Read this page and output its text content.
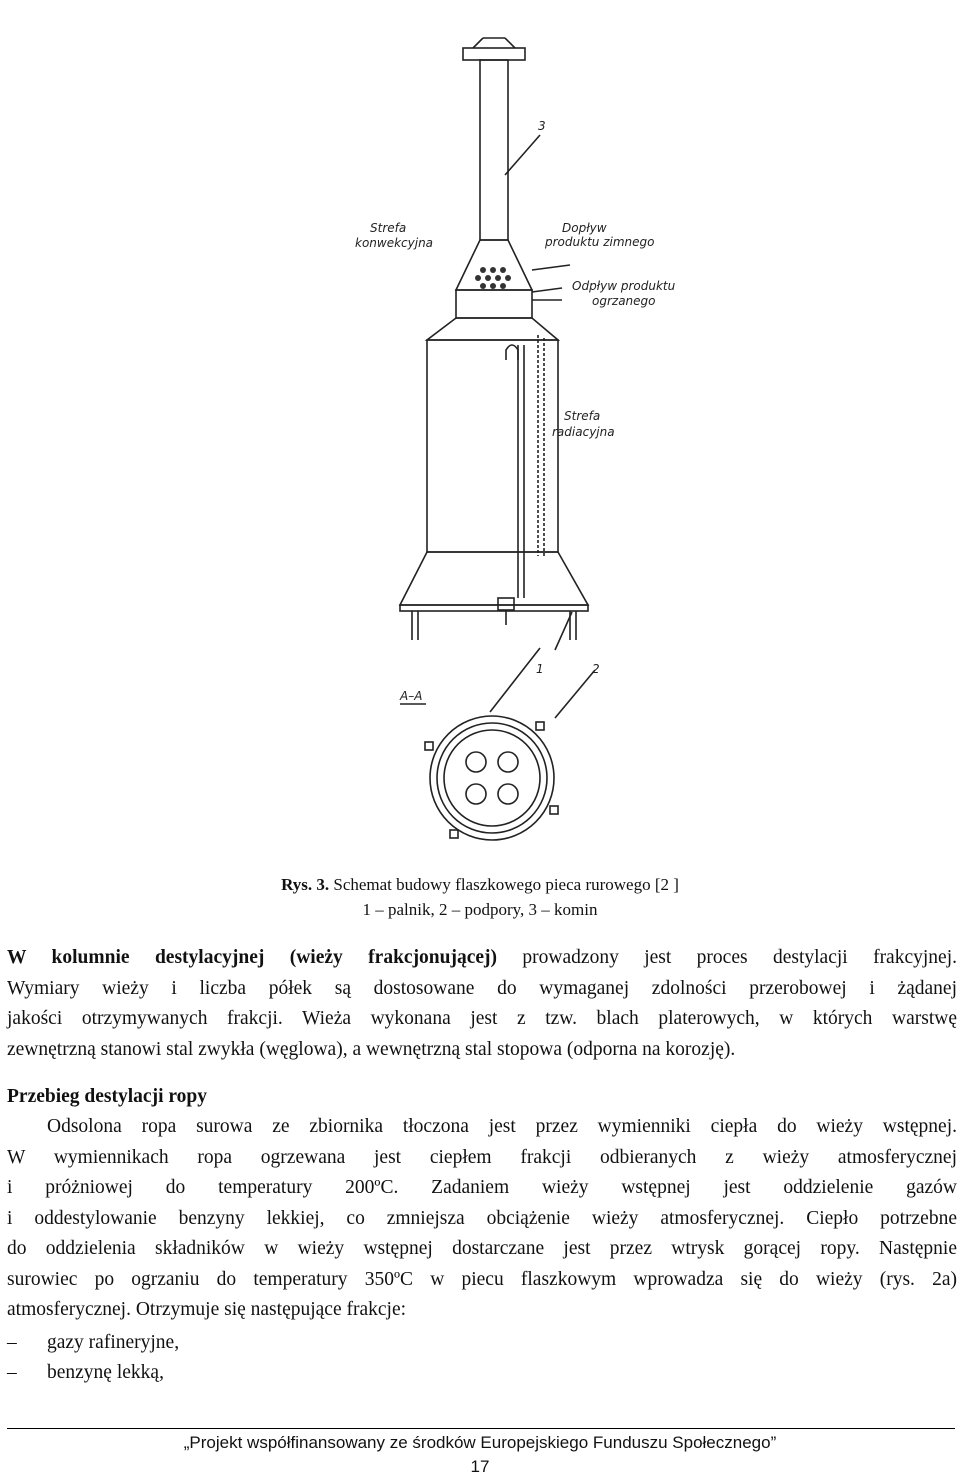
3
Strefa
konwekcyjna
Dopływ
produktu zimnego
Odpływ produktu
ogrzanego
Strefa
radiacyjna
1	2
A–A
Rys. 3. Schemat budowy flaszkowego pieca rurowego [2 ]
1 – palnik, 2 – podpory, 3 – komin
W kolumnie destylacyjnej (wieży frakcjonującej) prowadzony jest proces destylacji frakcyjnej.
Wymiary wieży i liczba półek są dostosowane do wymaganej zdolności przerobowej i żądanej
jakości otrzymywanych frakcji. Wieża wykonana jest z tzw. blach platerowych, w których warstwę
zewnętrzną stanowi stal zwykła (węglowa), a wewnętrzną stal stopowa (odporna na korozję).
Przebieg destylacji ropy
Odsolona ropa surowa ze zbiornika tłoczona jest przez wymienniki ciepła do wieży wstępnej.
W wymiennikach ropa ogrzewana jest ciepłem frakcji odbieranych z wieży atmosferycznej
i próżniowej do temperatury 200ºC. Zadaniem wieży wstępnej jest oddzielenie gazów
i oddestylowanie benzyny lekkiej, co zmniejsza obciążenie wieży atmosferycznej. Ciepło potrzebne
do oddzielenia składników w wieży wstępnej dostarczane jest przez wtrysk gorącej ropy. Następnie
surowiec po ogrzaniu do temperatury 350ºC w piecu flaszkowym wprowadza się do wieży (rys. 2a)
atmosferycznej. Otrzymuje się następujące frakcje:
– gazy rafineryjne,
– benzynę lekką,
„Projekt współfinansowany ze środków Europejskiego Funduszu Społecznego”
17
